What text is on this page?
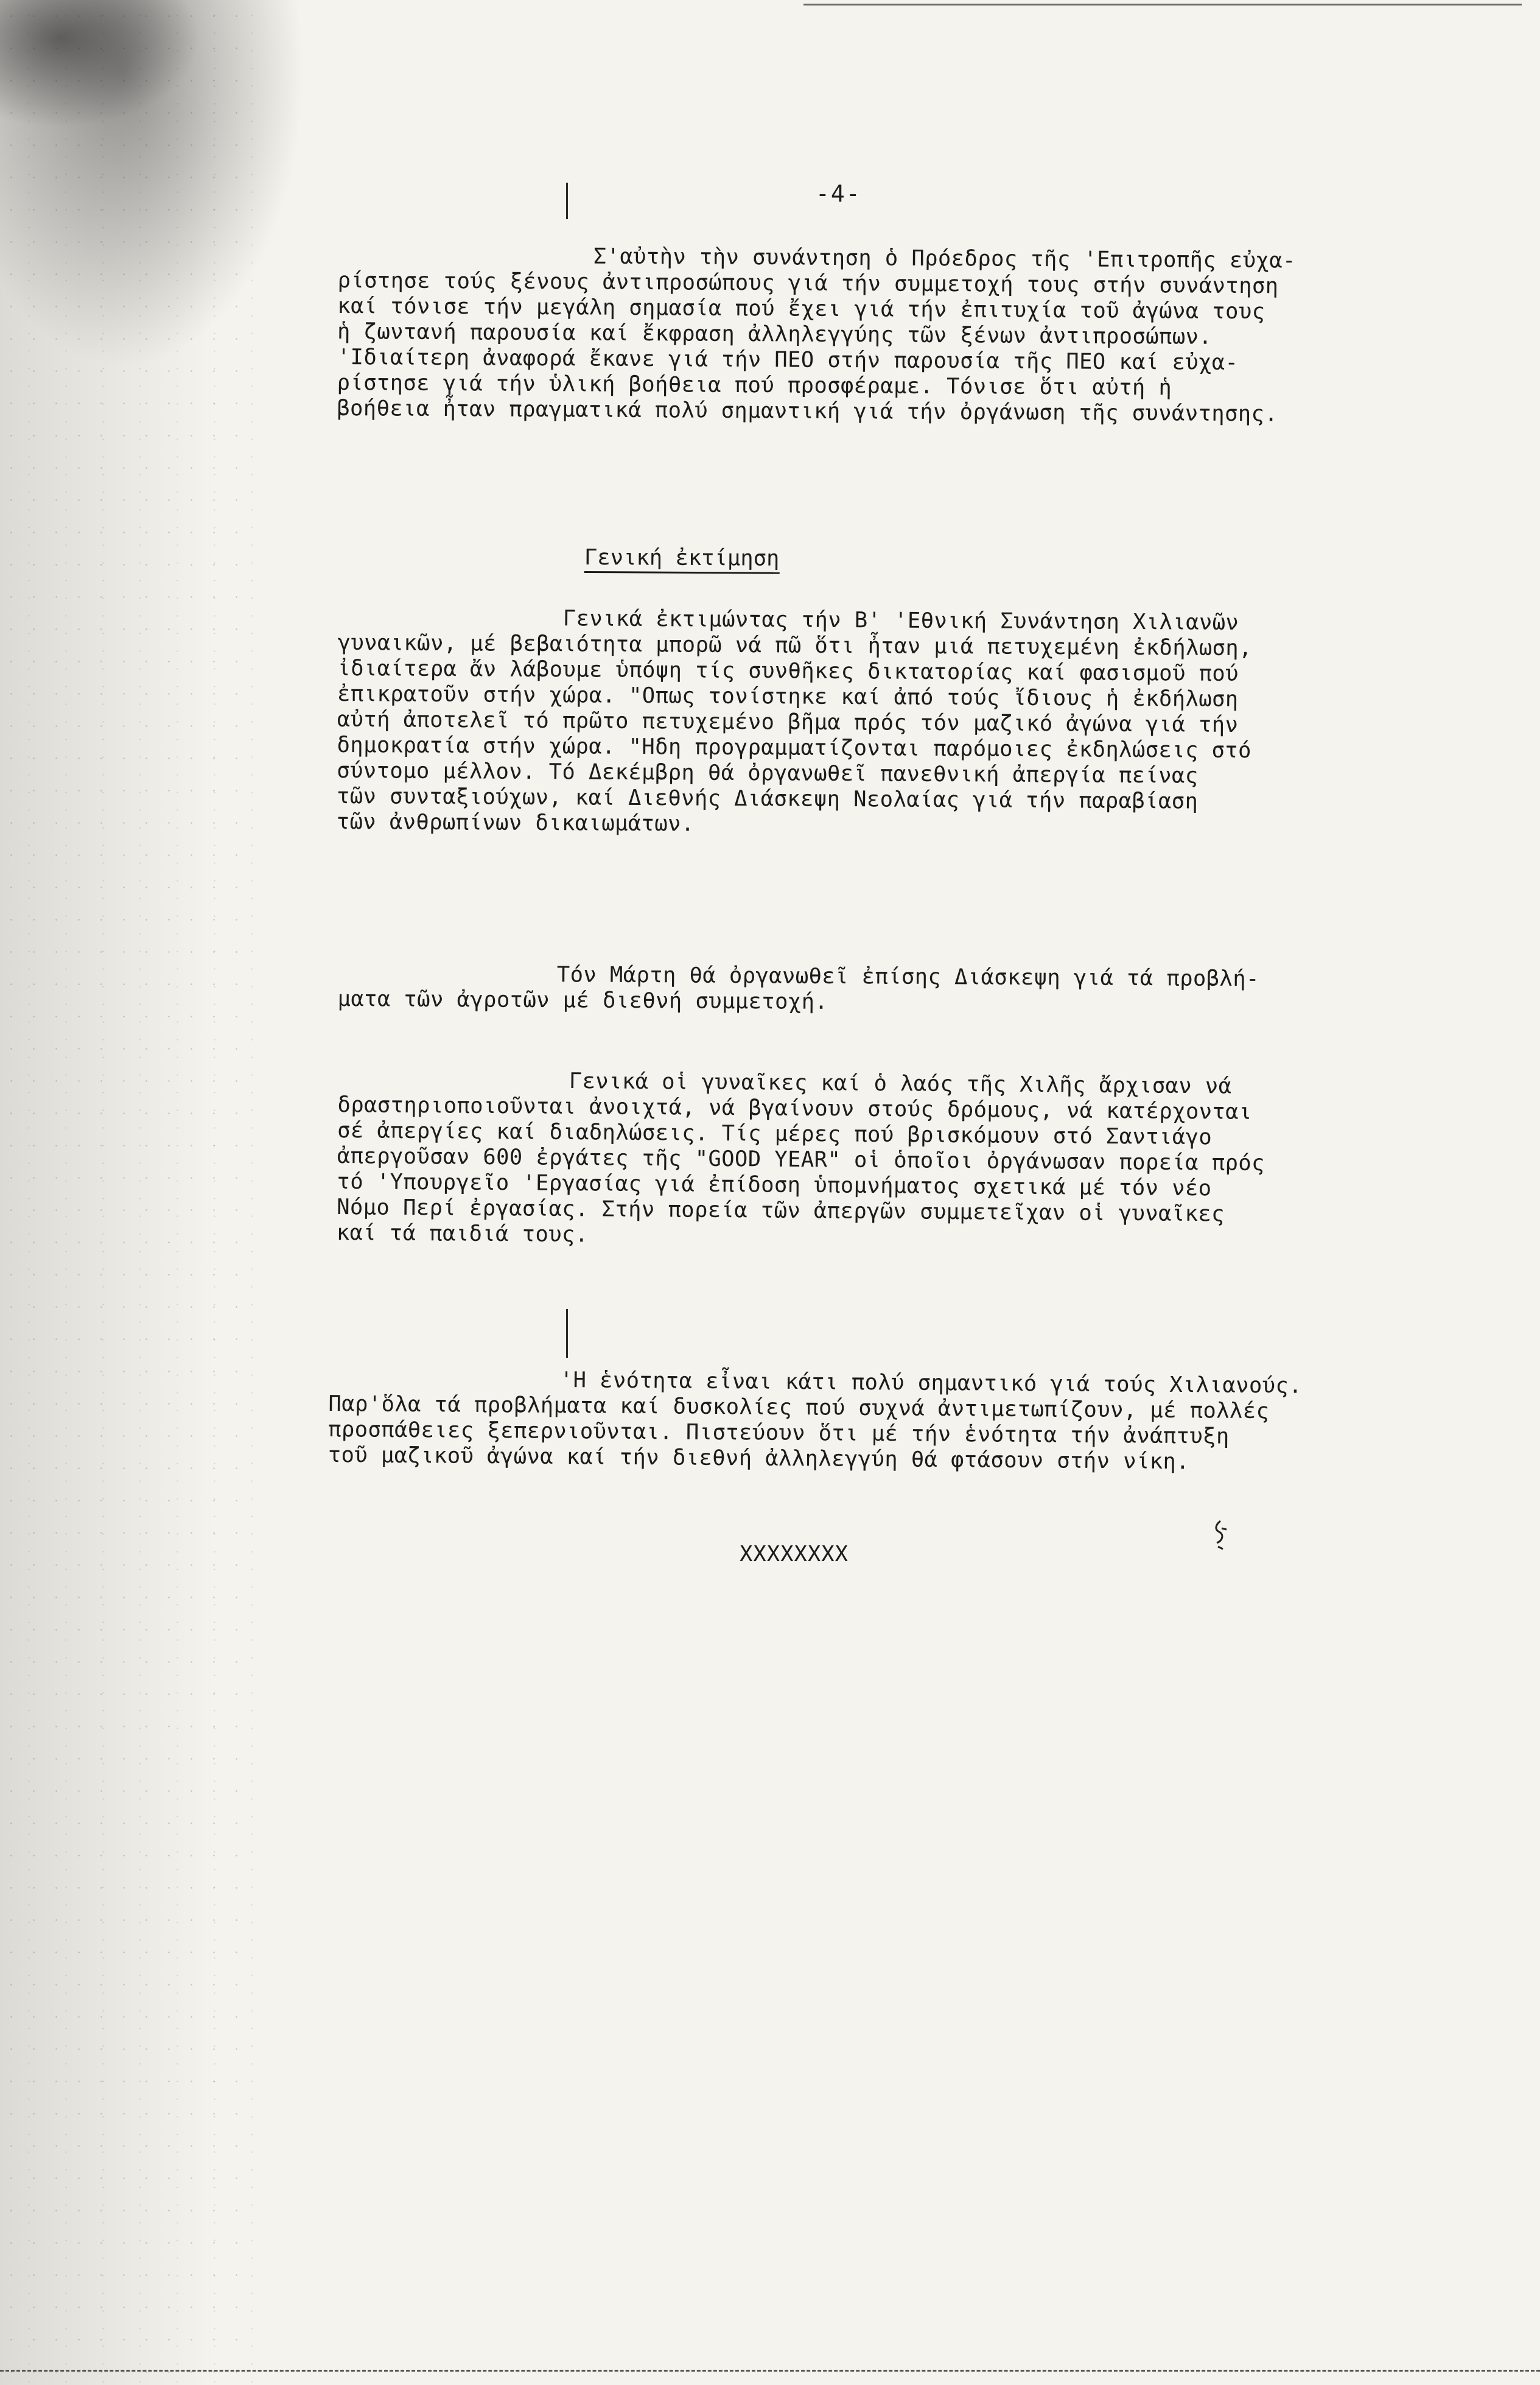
-4-
Σ'αὐτὴν τὴν συνάντηση ὁ Πρόεδρος τῆς 'Επιτροπῆς εὐχα-
ρίστησε τούς ξένους ἀντιπροσώπους γιά τήν συμμετοχή τους στήν συνάντηση
καί τόνισε τήν μεγάλη σημασία πού ἔχει γιά τήν ἐπιτυχία τοῦ ἀγώνα τους
ἡ ζωντανή παρουσία καί ἔκφραση ἀλληλεγγύης τῶν ξένων ἀντιπροσώπων.
'Ιδιαίτερη ἀναφορά ἔκανε γιά τήν ΠΕΟ στήν παρουσία τῆς ΠΕΟ καί εὐχα-
ρίστησε γιά τήν ὑλική βοήθεια πού προσφέραμε. Τόνισε ὅτι αὐτή ἡ
βοήθεια ἦταν πραγματικά πολύ σημαντική γιά τήν ὀργάνωση τῆς συνάντησης.
Γενική ἐκτίμηση
Γενικά ἐκτιμώντας τήν Β' 'Εθνική Συνάντηση Χιλιανῶν
γυναικῶν, μέ βεβαιότητα μπορῶ νά πῶ ὅτι ἦταν μιά πετυχεμένη ἐκδήλωση,
ἰδιαίτερα ἄν λάβουμε ὑπόψη τίς συνθῆκες δικτατορίας καί φασισμοῦ πού
ἐπικρατοῦν στήν χώρα. "Οπως τονίστηκε καί ἀπό τούς ἴδιους ἡ ἐκδήλωση
αὐτή ἀποτελεῖ τό πρῶτο πετυχεμένο βῆμα πρός τόν μαζικό ἀγώνα γιά τήν
δημοκρατία στήν χώρα. "Ηδη προγραμματίζονται παρόμοιες ἐκδηλώσεις στό
σύντομο μέλλον. Τό Δεκέμβρη θά ὀργανωθεῖ πανεθνική ἀπεργία πείνας
τῶν συνταξιούχων, καί Διεθνής Διάσκεψη Νεολαίας γιά τήν παραβίαση
τῶν ἀνθρωπίνων δικαιωμάτων.
Τόν Μάρτη θά ὀργανωθεῖ ἐπίσης Διάσκεψη γιά τά προβλή-
ματα τῶν ἀγροτῶν μέ διεθνή συμμετοχή.
Γενικά οἱ γυναῖκες καί ὁ λαός τῆς Χιλῆς ἄρχισαν νά
δραστηριοποιοῦνται ἀνοιχτά, νά βγαίνουν στούς δρόμους, νά κατέρχονται
σέ ἀπεργίες καί διαδηλώσεις. Τίς μέρες πού βρισκόμουν στό Σαντιάγο
ἀπεργοῦσαν 600 ἐργάτες τῆς "GOOD YEAR" οἱ ὁποῖοι ὀργάνωσαν πορεία πρός
τό 'Υπουργεῖο 'Εργασίας γιά ἐπίδοση ὑπομνήματος σχετικά μέ τόν νέο
Νόμο Περί ἐργασίας. Στήν πορεία τῶν ἀπεργῶν συμμετεῖχαν οἱ γυναῖκες
καί τά παιδιά τους.
'Η ἑνότητα εἶναι κάτι πολύ σημαντικό γιά τούς Χιλιανούς.
Παρ'ὅλα τά προβλήματα καί δυσκολίες πού συχνά ἀντιμετωπίζουν, μέ πολλές
προσπάθειες ξεπερνιοῦνται. Πιστεύουν ὅτι μέ τήν ἑνότητα τήν ἀνάπτυξη
τοῦ μαζικοῦ ἀγώνα καί τήν διεθνή ἀλληλεγγύη θά φτάσουν στήν νίκη.
XXXXXXXX
